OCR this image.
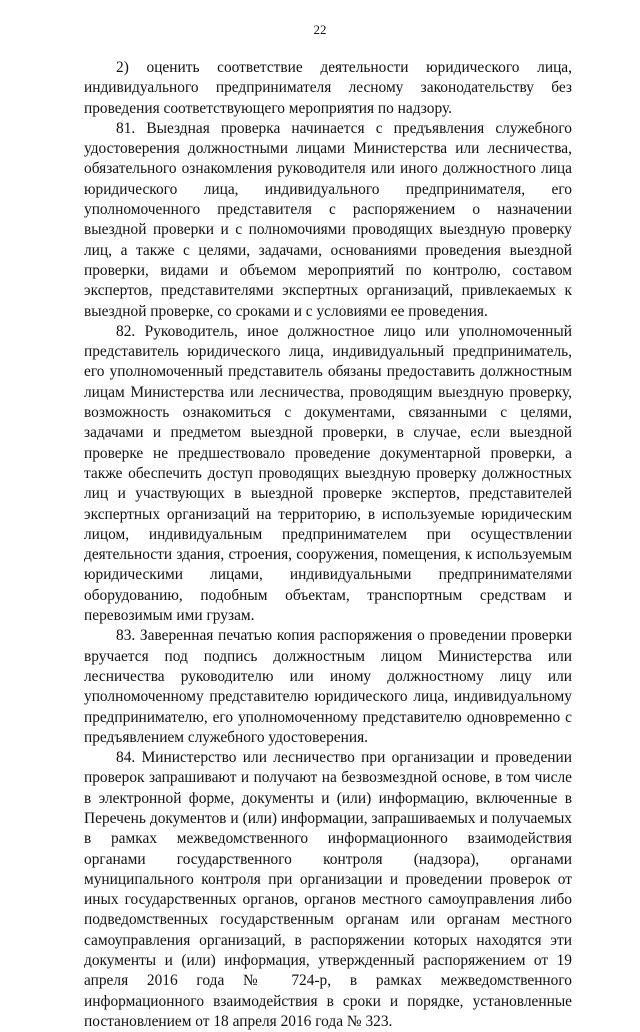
22

2) оценить соответствие деятельности юридического лица, индивидуального предпринимателя лесному законодательству без проведения соответствующего мероприятия по надзору.

81. Выездная проверка начинается с предъявления служебного удостоверения должностными лицами Министерства или лесничества, обязательного ознакомления руководителя или иного должностного лица юридического лица, индивидуального предпринимателя, его уполномоченного представителя с распоряжением о назначении выездной проверки и с полномочиями проводящих выездную проверку лиц, а также с целями, задачами, основаниями проведения выездной проверки, видами и объемом мероприятий по контролю, составом экспертов, представителями экспертных организаций, привлекаемых к выездной проверке, со сроками и с условиями ее проведения.

82. Руководитель, иное должностное лицо или уполномоченный представитель юридического лица, индивидуальный предприниматель, его уполномоченный представитель обязаны предоставить должностным лицам Министерства или лесничества, проводящим выездную проверку, возможность ознакомиться с документами, связанными с целями, задачами и предметом выездной проверки, в случае, если выездной проверке не предшествовало проведение документарной проверки, а также обеспечить доступ проводящих выездную проверку должностных лиц и участвующих в выездной проверке экспертов, представителей экспертных организаций на территорию, в используемые юридическим лицом, индивидуальным предпринимателем при осуществлении деятельности здания, строения, сооружения, помещения, к используемым юридическими лицами, индивидуальными предпринимателями оборудованию, подобным объектам, транспортным средствам и перевозимым ими грузам.

83. Заверенная печатью копия распоряжения о проведении проверки вручается под подпись должностным лицом Министерства или лесничества руководителю или иному должностному лицу или уполномоченному представителю юридического лица, индивидуальному предпринимателю, его уполномоченному представителю одновременно с предъявлением служебного удостоверения.

84. Министерство или лесничество при организации и проведении проверок запрашивают и получают на безвозмездной основе, в том числе в электронной форме, документы и (или) информацию, включенные в Перечень документов и (или) информации, запрашиваемых и получаемых в рамках межведомственного информационного взаимодействия органами государственного контроля (надзора), органами муниципального контроля при организации и проведении проверок от иных государственных органов, органов местного самоуправления либо подведомственных государственным органам или органам местного самоуправления организаций, в распоряжении которых находятся эти документы и (или) информация, утвержденный распоряжением от 19 апреля 2016 года № 724-р, в рамках межведомственного информационного взаимодействия в сроки и порядке, установленные постановлением от 18 апреля 2016 года № 323.
